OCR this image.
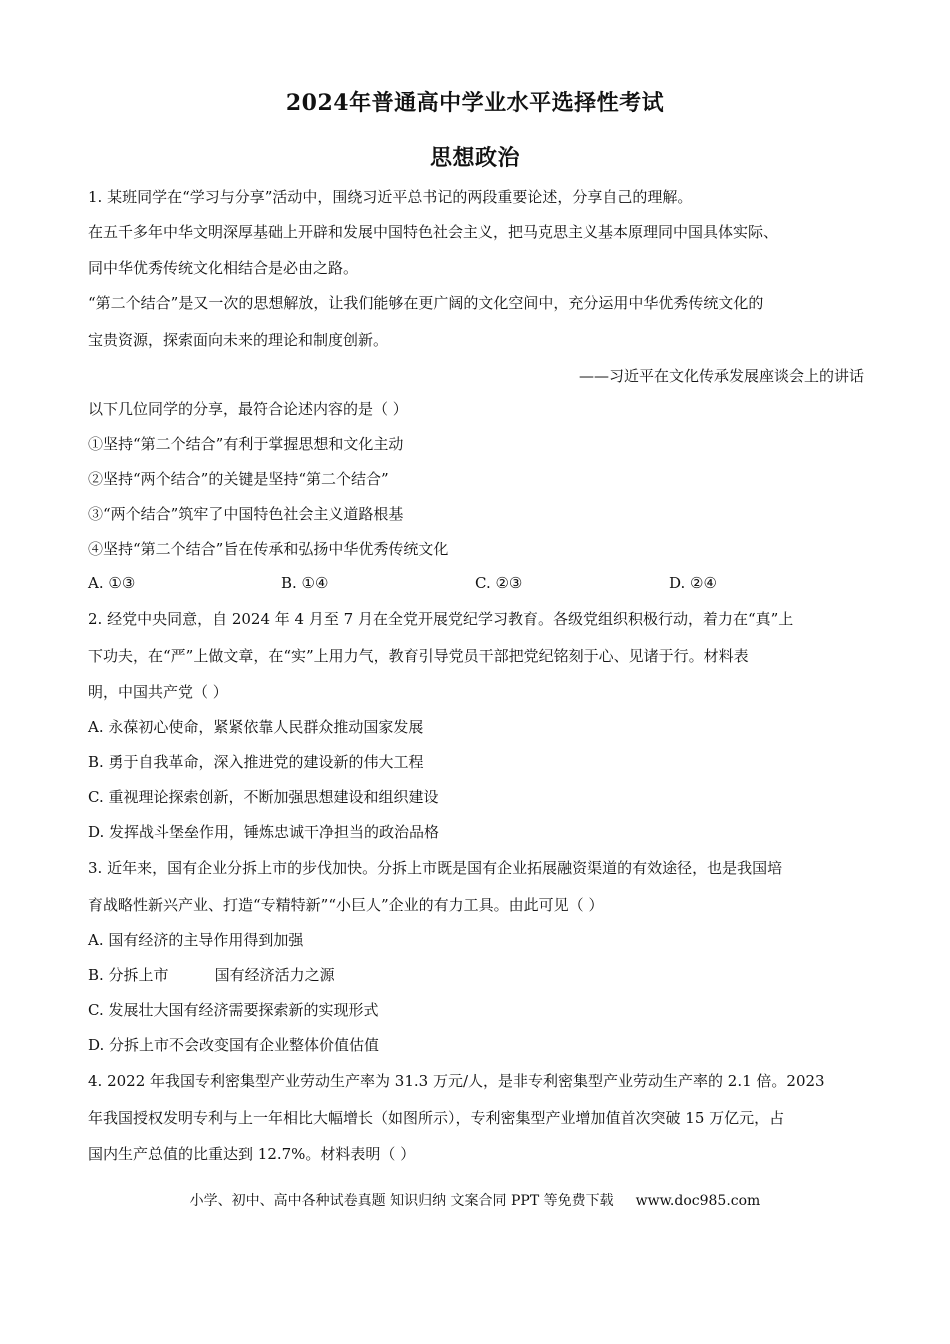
2024年普通高中学业水平选择性考试
思想政治
1. 某班同学在“学习与分享”活动中，围绕习近平总书记的两段重要论述，分享自己的理解。
在五千多年中华文明深厚基础上开辟和发展中国特色社会主义，把马克思主义基本原理同中国具体实际、
同中华优秀传统文化相结合是必由之路。
“第二个结合”是又一次的思想解放，让我们能够在更广阔的文化空间中，充分运用中华优秀传统文化的
宝贵资源，探索面向未来的理论和制度创新。
——习近平在文化传承发展座谈会上的讲话
以下几位同学的分享，最符合论述内容的是（ ）
①坚持“第二个结合”有利于掌握思想和文化主动
②坚持“两个结合”的关键是坚持“第二个结合”
③“两个结合”筑牢了中国特色社会主义道路根基
④坚持“第二个结合”旨在传承和弘扬中华优秀传统文化
A. ①③	B. ①④	C. ②③	D. ②④
2. 经党中央同意，自 2024 年 4 月至 7 月在全党开展党纪学习教育。各级党组织积极行动，着力在“真”上
下功夫，在“严”上做文章，在“实”上用力气，教育引导党员干部把党纪铭刻于心、见诸于行。材料表
明，中国共产党（ ）
A. 永葆初心使命，紧紧依靠人民群众推动国家发展
B. 勇于自我革命，深入推进党的建设新的伟大工程
C. 重视理论探索创新，不断加强思想建设和组织建设
D. 发挥战斗堡垒作用，锤炼忠诚干净担当的政治品格
3. 近年来，国有企业分拆上市的步伐加快。分拆上市既是国有企业拓展融资渠道的有效途径，也是我国培
育战略性新兴产业、打造“专精特新”“小巨人”企业的有力工具。由此可见（ ）
A. 国有经济的主导作用得到加强
B. 分拆上市	国有经济活力之源
C. 发展壮大国有经济需要探索新的实现形式
D. 分拆上市不会改变国有企业整体价值估值
4. 2022 年我国专利密集型产业劳动生产率为 31.3 万元/人，是非专利密集型产业劳动生产率的 2.1 倍。2023
年我国授权发明专利与上一年相比大幅增长（如图所示），专利密集型产业增加值首次突破 15 万亿元，占
国内生产总值的比重达到 12.7%。材料表明（ ）
小学、初中、高中各种试卷真题 知识归纳 文案合同 PPT 等免费下载 www.doc985.com
